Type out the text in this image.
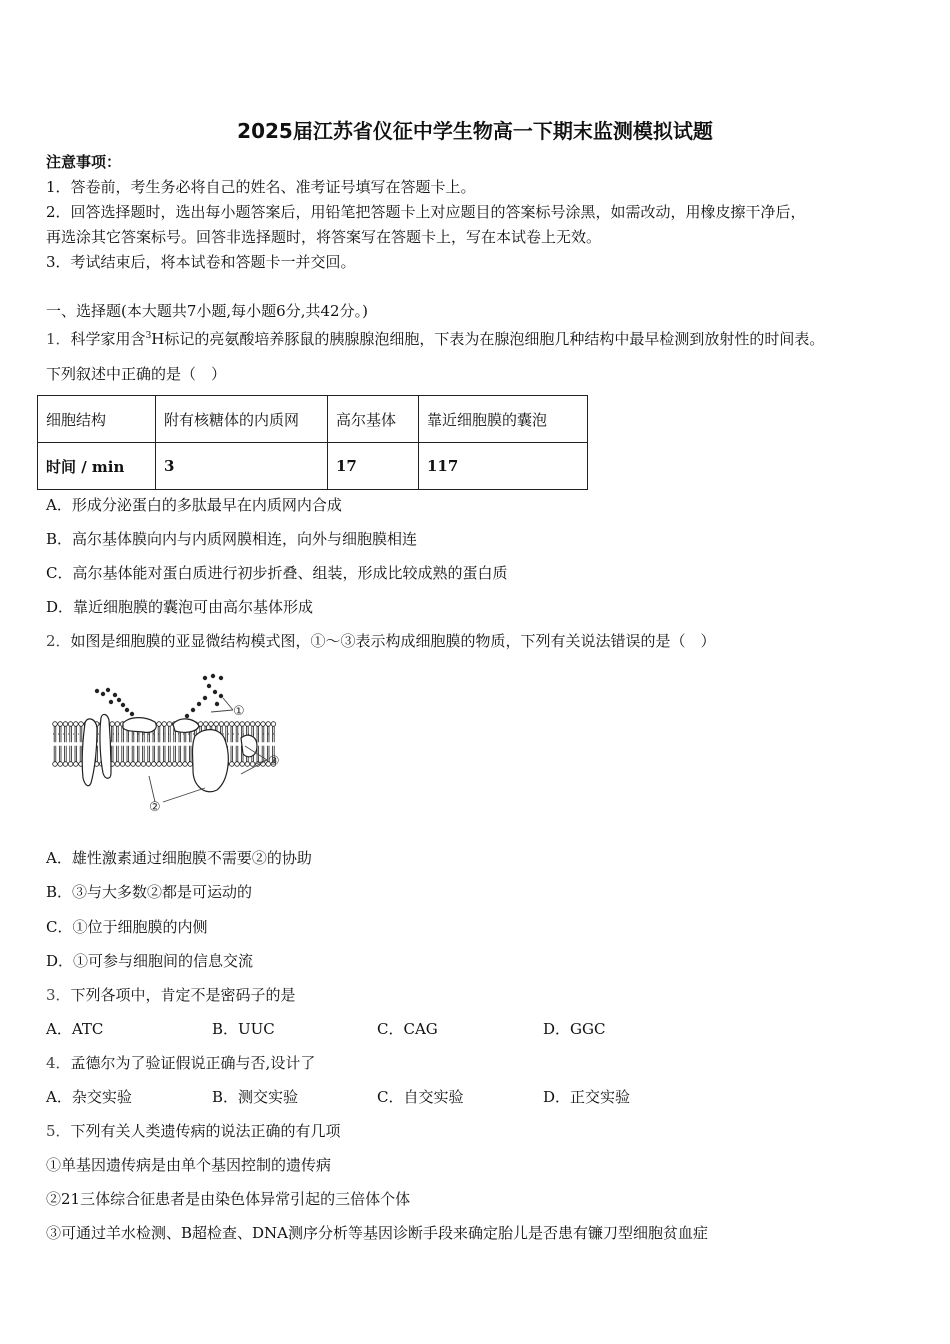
2025届江苏省仪征中学生物高一下期末监测模拟试题
注意事项：
1．答卷前，考生务必将自己的姓名、准考证号填写在答题卡上。
2．回答选择题时，选出每小题答案后，用铅笔把答题卡上对应题目的答案标号涂黑，如需改动，用橡皮擦干净后，
再选涂其它答案标号。回答非选择题时，将答案写在答题卡上，写在本试卷上无效。
3．考试结束后，将本试卷和答题卡一并交回。
一、选择题(本大题共7小题,每小题6分,共42分。)
1．科学家用含$^3$H标记的亮氨酸培养豚鼠的胰腺腺泡细胞，下表为在腺泡细胞几种结构中最早检测到放射性的时间表。
下列叙述中正确的是（　）
细胞结构	附有核糖体的内质网	高尔基体	靠近细胞膜的囊泡
时间 / min	3	17	117
A．形成分泌蛋白的多肽最早在内质网内合成
B．高尔基体膜向内与内质网膜相连，向外与细胞膜相连
C．高尔基体能对蛋白质进行初步折叠、组装，形成比较成熟的蛋白质
D．靠近细胞膜的囊泡可由高尔基体形成
2．如图是细胞膜的亚显微结构模式图，①～③表示构成细胞膜的物质，下列有关说法错误的是（　）
①
②
③
A．雄性激素通过细胞膜不需要②的协助
B．③与大多数②都是可运动的
C．①位于细胞膜的内侧
D．①可参与细胞间的信息交流
3．下列各项中，肯定不是密码子的是
A．ATC	B．UUC	C．CAG	D．GGC
4．孟德尔为了验证假说正确与否,设计了
A．杂交实验	B．测交实验	C．自交实验	D．正交实验
5．下列有关人类遗传病的说法正确的有几项
①单基因遗传病是由单个基因控制的遗传病
②21三体综合征患者是由染色体异常引起的三倍体个体
③可通过羊水检测、B超检查、DNA测序分析等基因诊断手段来确定胎儿是否患有镰刀型细胞贫血症
